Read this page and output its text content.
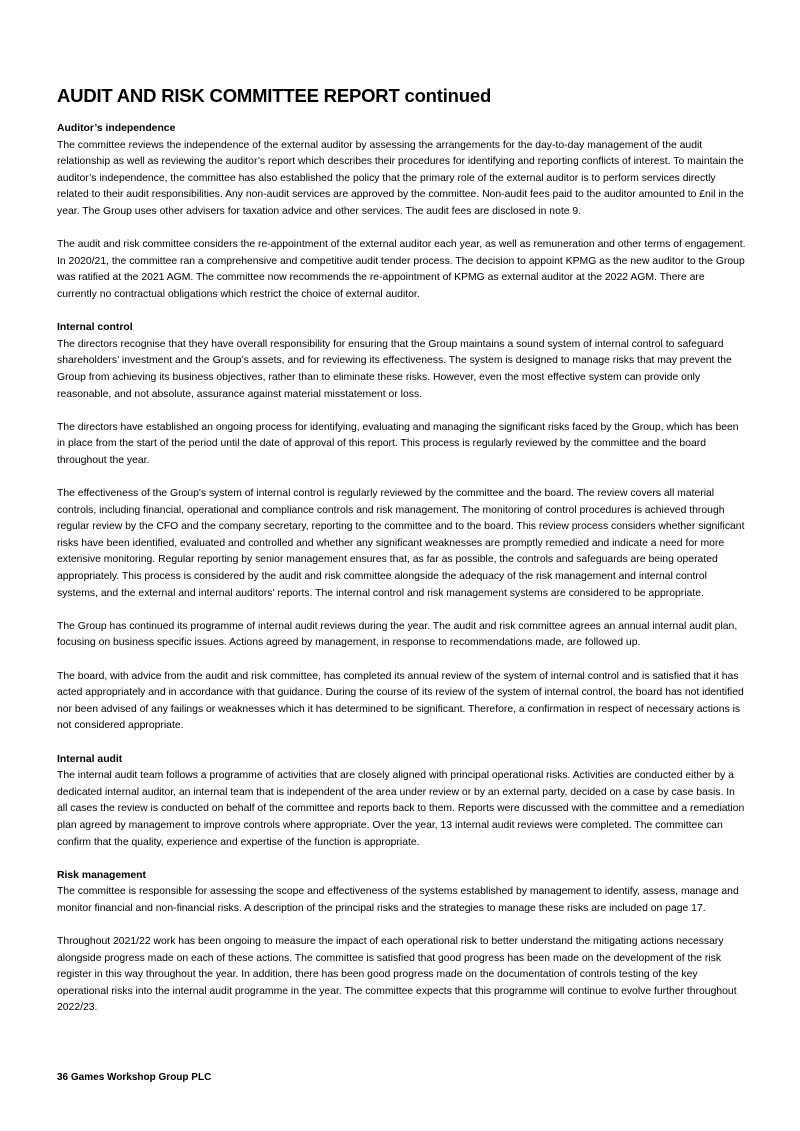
AUDIT AND RISK COMMITTEE REPORT continued
Auditor’s independence

The committee reviews the independence of the external auditor by assessing the arrangements for the day-to-day management of the audit relationship as well as reviewing the auditor’s report which describes their procedures for identifying and reporting conflicts of interest. To maintain the auditor’s independence, the committee has also established the policy that the primary role of the external auditor is to perform services directly related to their audit responsibilities. Any non-audit services are approved by the committee. Non-audit fees paid to the auditor amounted to £nil in the year. The Group uses other advisers for taxation advice and other services. The audit fees are disclosed in note 9.

The audit and risk committee considers the re-appointment of the external auditor each year, as well as remuneration and other terms of engagement. In 2020/21, the committee ran a comprehensive and competitive audit tender process. The decision to appoint KPMG as the new auditor to the Group was ratified at the 2021 AGM. The committee now recommends the re-appointment of KPMG as external auditor at the 2022 AGM. There are currently no contractual obligations which restrict the choice of external auditor.

Internal control

The directors recognise that they have overall responsibility for ensuring that the Group maintains a sound system of internal control to safeguard shareholders’ investment and the Group’s assets, and for reviewing its effectiveness. The system is designed to manage risks that may prevent the Group from achieving its business objectives, rather than to eliminate these risks. However, even the most effective system can provide only reasonable, and not absolute, assurance against material misstatement or loss.

The directors have established an ongoing process for identifying, evaluating and managing the significant risks faced by the Group, which has been in place from the start of the period until the date of approval of this report. This process is regularly reviewed by the committee and the board throughout the year.

The effectiveness of the Group's system of internal control is regularly reviewed by the committee and the board. The review covers all material controls, including financial, operational and compliance controls and risk management. The monitoring of control procedures is achieved through regular review by the CFO and the company secretary, reporting to the committee and to the board. This review process considers whether significant risks have been identified, evaluated and controlled and whether any significant weaknesses are promptly remedied and indicate a need for more extensive monitoring. Regular reporting by senior management ensures that, as far as possible, the controls and safeguards are being operated appropriately. This process is considered by the audit and risk committee alongside the adequacy of the risk management and internal control systems, and the external and internal auditors’ reports. The internal control and risk management systems are considered to be appropriate.

The Group has continued its programme of internal audit reviews during the year. The audit and risk committee agrees an annual internal audit plan, focusing on business specific issues. Actions agreed by management, in response to recommendations made, are followed up.

The board, with advice from the audit and risk committee, has completed its annual review of the system of internal control and is satisfied that it has acted appropriately and in accordance with that guidance. During the course of its review of the system of internal control, the board has not identified nor been advised of any failings or weaknesses which it has determined to be significant. Therefore, a confirmation in respect of necessary actions is not considered appropriate.

Internal audit

The internal audit team follows a programme of activities that are closely aligned with principal operational risks. Activities are conducted either by a dedicated internal auditor, an internal team that is independent of the area under review or by an external party, decided on a case by case basis. In all cases the review is conducted on behalf of the committee and reports back to them. Reports were discussed with the committee and a remediation plan agreed by management to improve controls where appropriate. Over the year, 13 internal audit reviews were completed. The committee can confirm that the quality, experience and expertise of the function is appropriate.

Risk management

The committee is responsible for assessing the scope and effectiveness of the systems established by management to identify, assess, manage and monitor financial and non-financial risks. A description of the principal risks and the strategies to manage these risks are included on page 17.

Throughout 2021/22 work has been ongoing to measure the impact of each operational risk to better understand the mitigating actions necessary alongside progress made on each of these actions. The committee is satisfied that good progress has been made on the development of the risk register in this way throughout the year. In addition, there has been good progress made on the documentation of controls testing of the key operational risks into the internal audit programme in the year. The committee expects that this programme will continue to evolve further throughout 2022/23.

36 Games Workshop Group PLC
